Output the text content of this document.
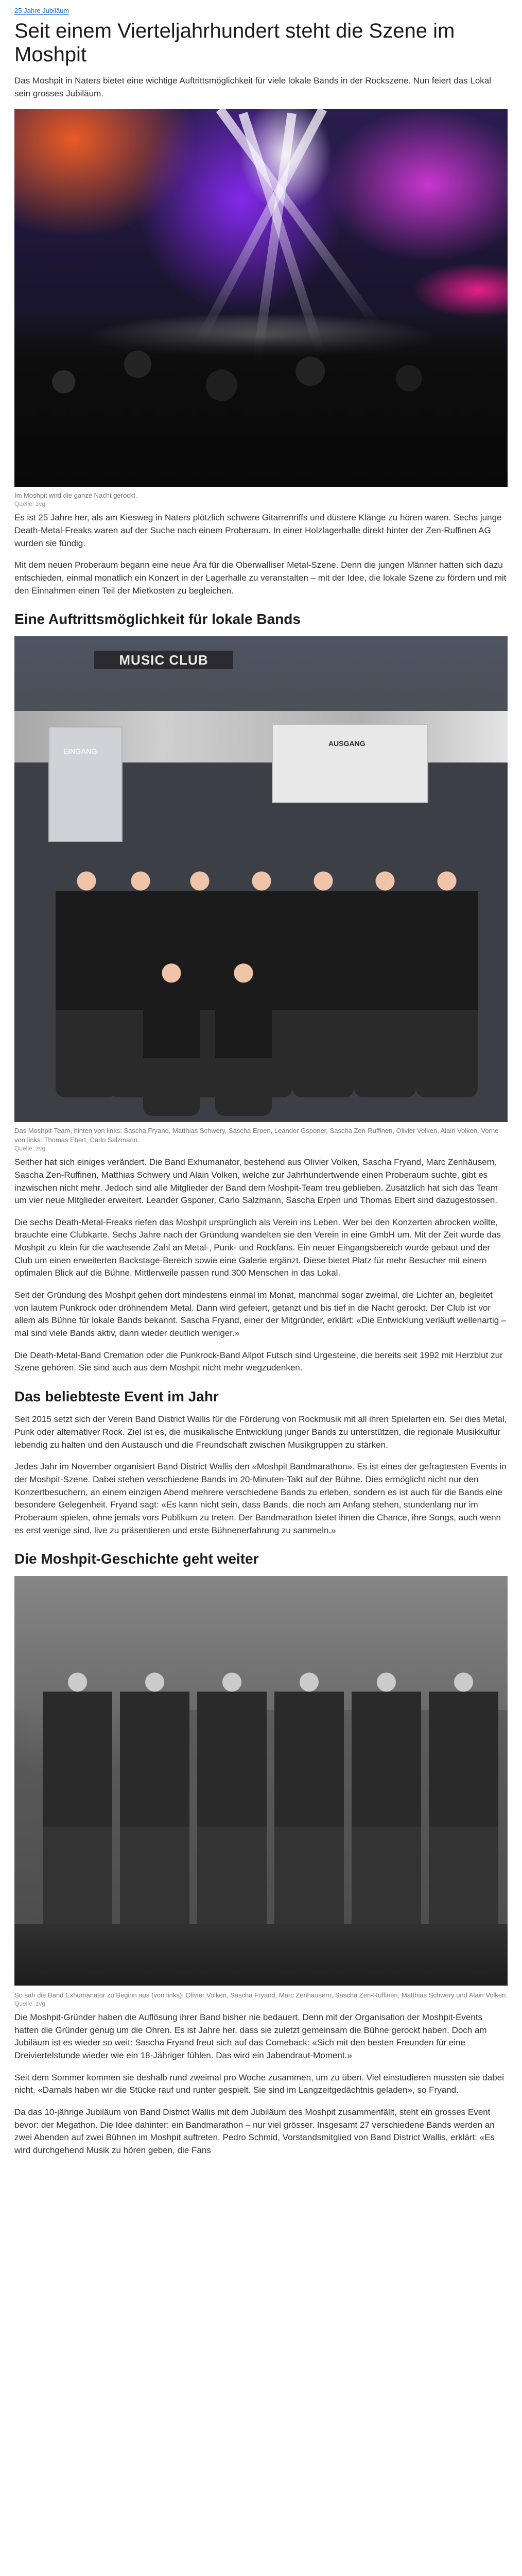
25 Jahre Jubiläum
Seit einem Vierteljahrhundert steht die Szene im Moshpit

Das Moshpit in Naters bietet eine wichtige Auftrittsmöglichkeit für viele lokale Bands in der Rockszene. Nun feiert das Lokal sein grosses Jubiläum.

Im Moshpit wird die ganze Nacht gerockt.
Quelle: zvg

Es ist 25 Jahre her, als am Kiesweg in Naters plötzlich schwere Gitarrenriffs und düstere Klänge zu hören waren. Sechs junge Death-Metal-Freaks waren auf der Suche nach einem Proberaum. In einer Holzlagerhalle direkt hinter der Zen-Ruffinen AG wurden sie fündig.

Mit dem neuen Proberaum begann eine neue Ära für die Oberwalliser Metal-Szene. Denn die jungen Männer hatten sich dazu entschieden, einmal monatlich ein Konzert in der Lagerhalle zu veranstalten – mit der Idee, die lokale Szene zu fördern und mit den Einnahmen einen Teil der Mietkosten zu begleichen.

Eine Auftrittsmöglichkeit für lokale Bands
MUSIC CLUB
EINGANG
AUSGANG
Das Moshpit-Team, hinten von links: Sascha Fryand, Matthias Schwery, Sascha Erpen, Leander Gsponer, Sascha Zen-Ruffinen, Olivier Volken, Alain Volken. Vorne von links: Thomas Ebert, Carlo Salzmann.
Quelle: zvg

Seither hat sich einiges verändert. Die Band Exhumanator, bestehend aus Olivier Volken, Sascha Fryand, Marc Zenhäusern, Sascha Zen-Ruffinen, Matthias Schwery und Alain Volken, welche zur Jahrhundertwende einen Proberaum suchte, gibt es inzwischen nicht mehr. Jedoch sind alle Mitglieder der Band dem Moshpit-Team treu geblieben. Zusätzlich hat sich das Team um vier neue Mitglieder erweitert. Leander Gsponer, Carlo Salzmann, Sascha Erpen und Thomas Ebert sind dazugestossen.

Die sechs Death-Metal-Freaks riefen das Moshpit ursprünglich als Verein ins Leben. Wer bei den Konzerten abrocken wollte, brauchte eine Clubkarte. Sechs Jahre nach der Gründung wandelten sie den Verein in eine GmbH um. Mit der Zeit wurde das Moshpit zu klein für die wachsende Zahl an Metal-, Punk- und Rockfans. Ein neuer Eingangsbereich wurde gebaut und der Club um einen erweiterten Backstage-Bereich sowie eine Galerie ergänzt. Diese bietet Platz für mehr Besucher mit einem optimalen Blick auf die Bühne. Mittlerweile passen rund 300 Menschen in das Lokal.

Seit der Gründung des Moshpit gehen dort mindestens einmal im Monat, manchmal sogar zweimal, die Lichter an, begleitet von lautem Punkrock oder dröhnendem Metal. Dann wird gefeiert, getanzt und bis tief in die Nacht gerockt. Der Club ist vor allem als Bühne für lokale Bands bekannt. Sascha Fryand, einer der Mitgründer, erklärt: «Die Entwicklung verläuft wellenartig – mal sind viele Bands aktiv, dann wieder deutlich weniger.»

Die Death-Metal-Band Cremation oder die Punkrock-Band Allpot Futsch sind Urgesteine, die bereits seit 1992 mit Herzblut zur Szene gehören. Sie sind auch aus dem Moshpit nicht mehr wegzudenken.

Das beliebteste Event im Jahr

Seit 2015 setzt sich der Verein Band District Wallis für die Förderung von Rockmusik mit all ihren Spielarten ein. Sei dies Metal, Punk oder alternativer Rock. Ziel ist es, die musikalische Entwicklung junger Bands zu unterstützen, die regionale Musikkultur lebendig zu halten und den Austausch und die Freundschaft zwischen Musikgruppen zu stärken.

Jedes Jahr im November organisiert Band District Wallis den «Moshpit Bandmarathon». Es ist eines der gefragtesten Events in der Moshpit-Szene. Dabei stehen verschiedene Bands im 20-Minuten-Takt auf der Bühne. Dies ermöglicht nicht nur den Konzertbesuchern, an einem einzigen Abend mehrere verschiedene Bands zu erleben, sondern es ist auch für die Bands eine besondere Gelegenheit. Fryand sagt: «Es kann nicht sein, dass Bands, die noch am Anfang stehen, stundenlang nur im Proberaum spielen, ohne jemals vors Publikum zu treten. Der Bandmarathon bietet ihnen die Chance, ihre Songs, auch wenn es erst wenige sind, live zu präsentieren und erste Bühnenerfahrung zu sammeln.»

Die Moshpit-Geschichte geht weiter
So sah die Band Exhumanator zu Beginn aus (von links): Olivier Volken, Sascha Fryand, Marc Zenhäusern, Sascha Zen-Ruffinen, Matthias Schwery und Alain Volken.
Quelle: zvg

Die Moshpit-Gründer haben die Auflösung ihrer Band bisher nie bedauert. Denn mit der Organisation der Moshpit-Events hatten die Gründer genug um die Ohren. Es ist Jahre her, dass sie zuletzt gemeinsam die Bühne gerockt haben. Doch am Jubiläum ist es wieder so weit: Sascha Fryand freut sich auf das Comeback: «Sich mit den besten Freunden für eine Dreiviertelstunde wieder wie ein 18-Jähriger fühlen. Das wird ein Jabendraut-Moment.»

Seit dem Sommer kommen sie deshalb rund zweimal pro Woche zusammen, um zu üben. Viel einstudieren mussten sie dabei nicht. «Damals haben wir die Stücke rauf und runter gespielt. Sie sind im Langzeitgedächtnis geladen», so Fryand.

Da das 10-jährige Jubiläum von Band District Wallis mit dem Jubiläum des Moshpit zusammenfällt, steht ein grosses Event bevor: der Megathon. Die Idee dahinter: ein Bandmarathon – nur viel grösser. Insgesamt 27 verschiedene Bands werden an zwei Abenden auf zwei Bühnen im Moshpit auftreten. Pedro Schmid, Vorstandsmitglied von Band District Wallis, erklärt: «Es wird durchgehend Musik zu hören geben, die Fans
